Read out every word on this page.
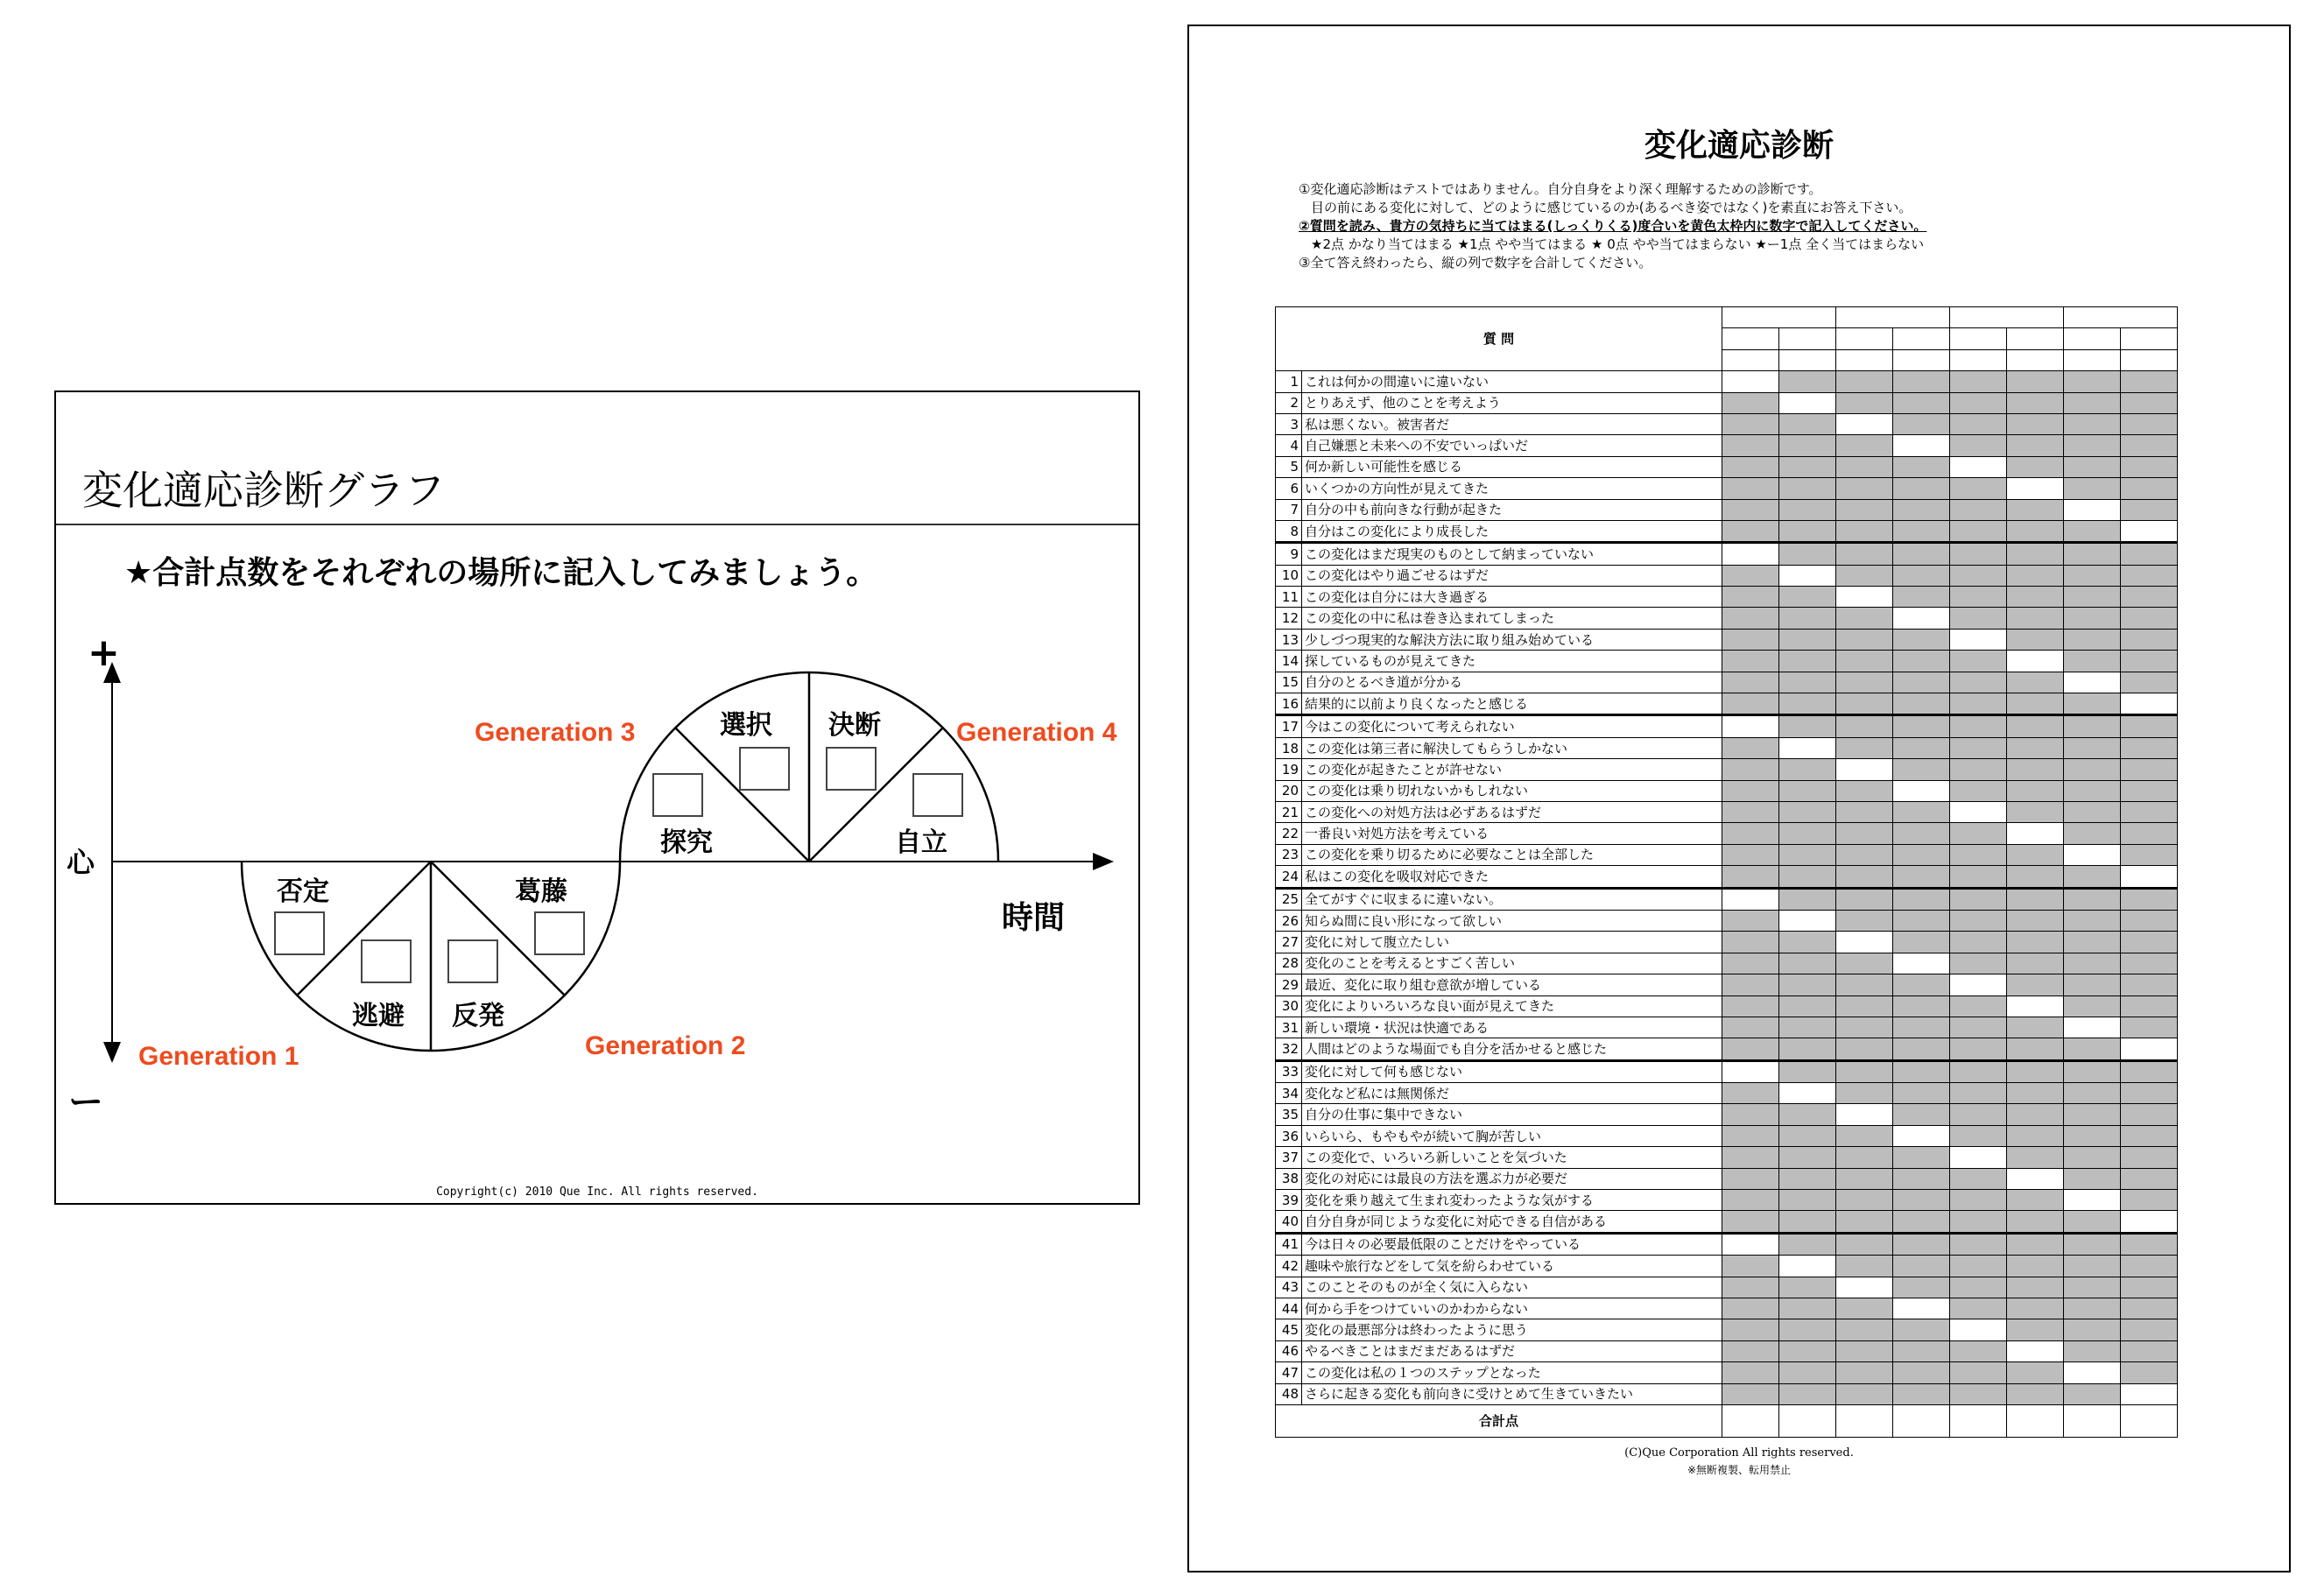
変化適応診断グラフ
★合計点数をそれぞれの場所に記入してみましょう。
+
ー
心
時間
否定
逃避 反発
葛藤
探究
選択 決断
自立
Generation 1	Generation 2
Generation 3	Generation 4
Copyright(c) 2010 Que Inc. All rights reserved.
変化適応診断
①変化適応診断はテストではありません。自分自身をより深く理解するための診断です。
目の前にある変化に対して、どのように感じているのか(あるべき姿ではなく)を素直にお答え下さい。
②質問を読み、貴方の気持ちに当てはまる(しっくりくる)度合いを黄色太枠内に数字で記入してください。
★2点 かなり当てはまる ★1点 やや当てはまる ★ 0点 やや当てはまらない ★ー1点 全く当てはまらない
③全て答え終わったら、縦の列で数字を合計してください。
質 問									

1	これは何かの間違いに違いない								
2	とりあえず、他のことを考えよう								
3	私は悪くない。被害者だ								
4	自己嫌悪と未来への不安でいっぱいだ								
5	何か新しい可能性を感じる								
6	いくつかの方向性が見えてきた								
7	自分の中も前向きな行動が起きた								
8	自分はこの変化により成長した								
9	この変化はまだ現実のものとして納まっていない								
10	この変化はやり過ごせるはずだ								
11	この変化は自分には大き過ぎる								
12	この変化の中に私は巻き込まれてしまった								
13	少しづつ現実的な解決方法に取り組み始めている								
14	探しているものが見えてきた								
15	自分のとるべき道が分かる								
16	結果的に以前より良くなったと感じる								
17	今はこの変化について考えられない								
18	この変化は第三者に解決してもらうしかない								
19	この変化が起きたことが許せない								
20	この変化は乗り切れないかもしれない								
21	この変化への対処方法は必ずあるはずだ								
22	一番良い対処方法を考えている								
23	この変化を乗り切るために必要なことは全部した								
24	私はこの変化を吸収対応できた								
25	全てがすぐに収まるに違いない。								
26	知らぬ間に良い形になって欲しい								
27	変化に対して腹立たしい								
28	変化のことを考えるとすごく苦しい								
29	最近、変化に取り組む意欲が増している								
30	変化によりいろいろな良い面が見えてきた								
31	新しい環境・状況は快適である								
32	人間はどのような場面でも自分を活かせると感じた								
33	変化に対して何も感じない								
34	変化など私には無関係だ								
35	自分の仕事に集中できない								
36	いらいら、もやもやが続いて胸が苦しい								
37	この変化で、いろいろ新しいことを気づいた								
38	変化の対応には最良の方法を選ぶ力が必要だ								
39	変化を乗り越えて生まれ変わったような気がする								
40	自分自身が同じような変化に対応できる自信がある								
41	今は日々の必要最低限のことだけをやっている								
42	趣味や旅行などをして気を紛らわせている								
43	このことそのものが全く気に入らない								
44	何から手をつけていいのかわからない								
45	変化の最悪部分は終わったように思う								
46	やるべきことはまだまだあるはずだ								
47	この変化は私の１つのステップとなった								
48	さらに起きる変化も前向きに受けとめて生きていきたい								
合計点									
(C)Que Corporation All rights reserved.
※無断複製、転用禁止
